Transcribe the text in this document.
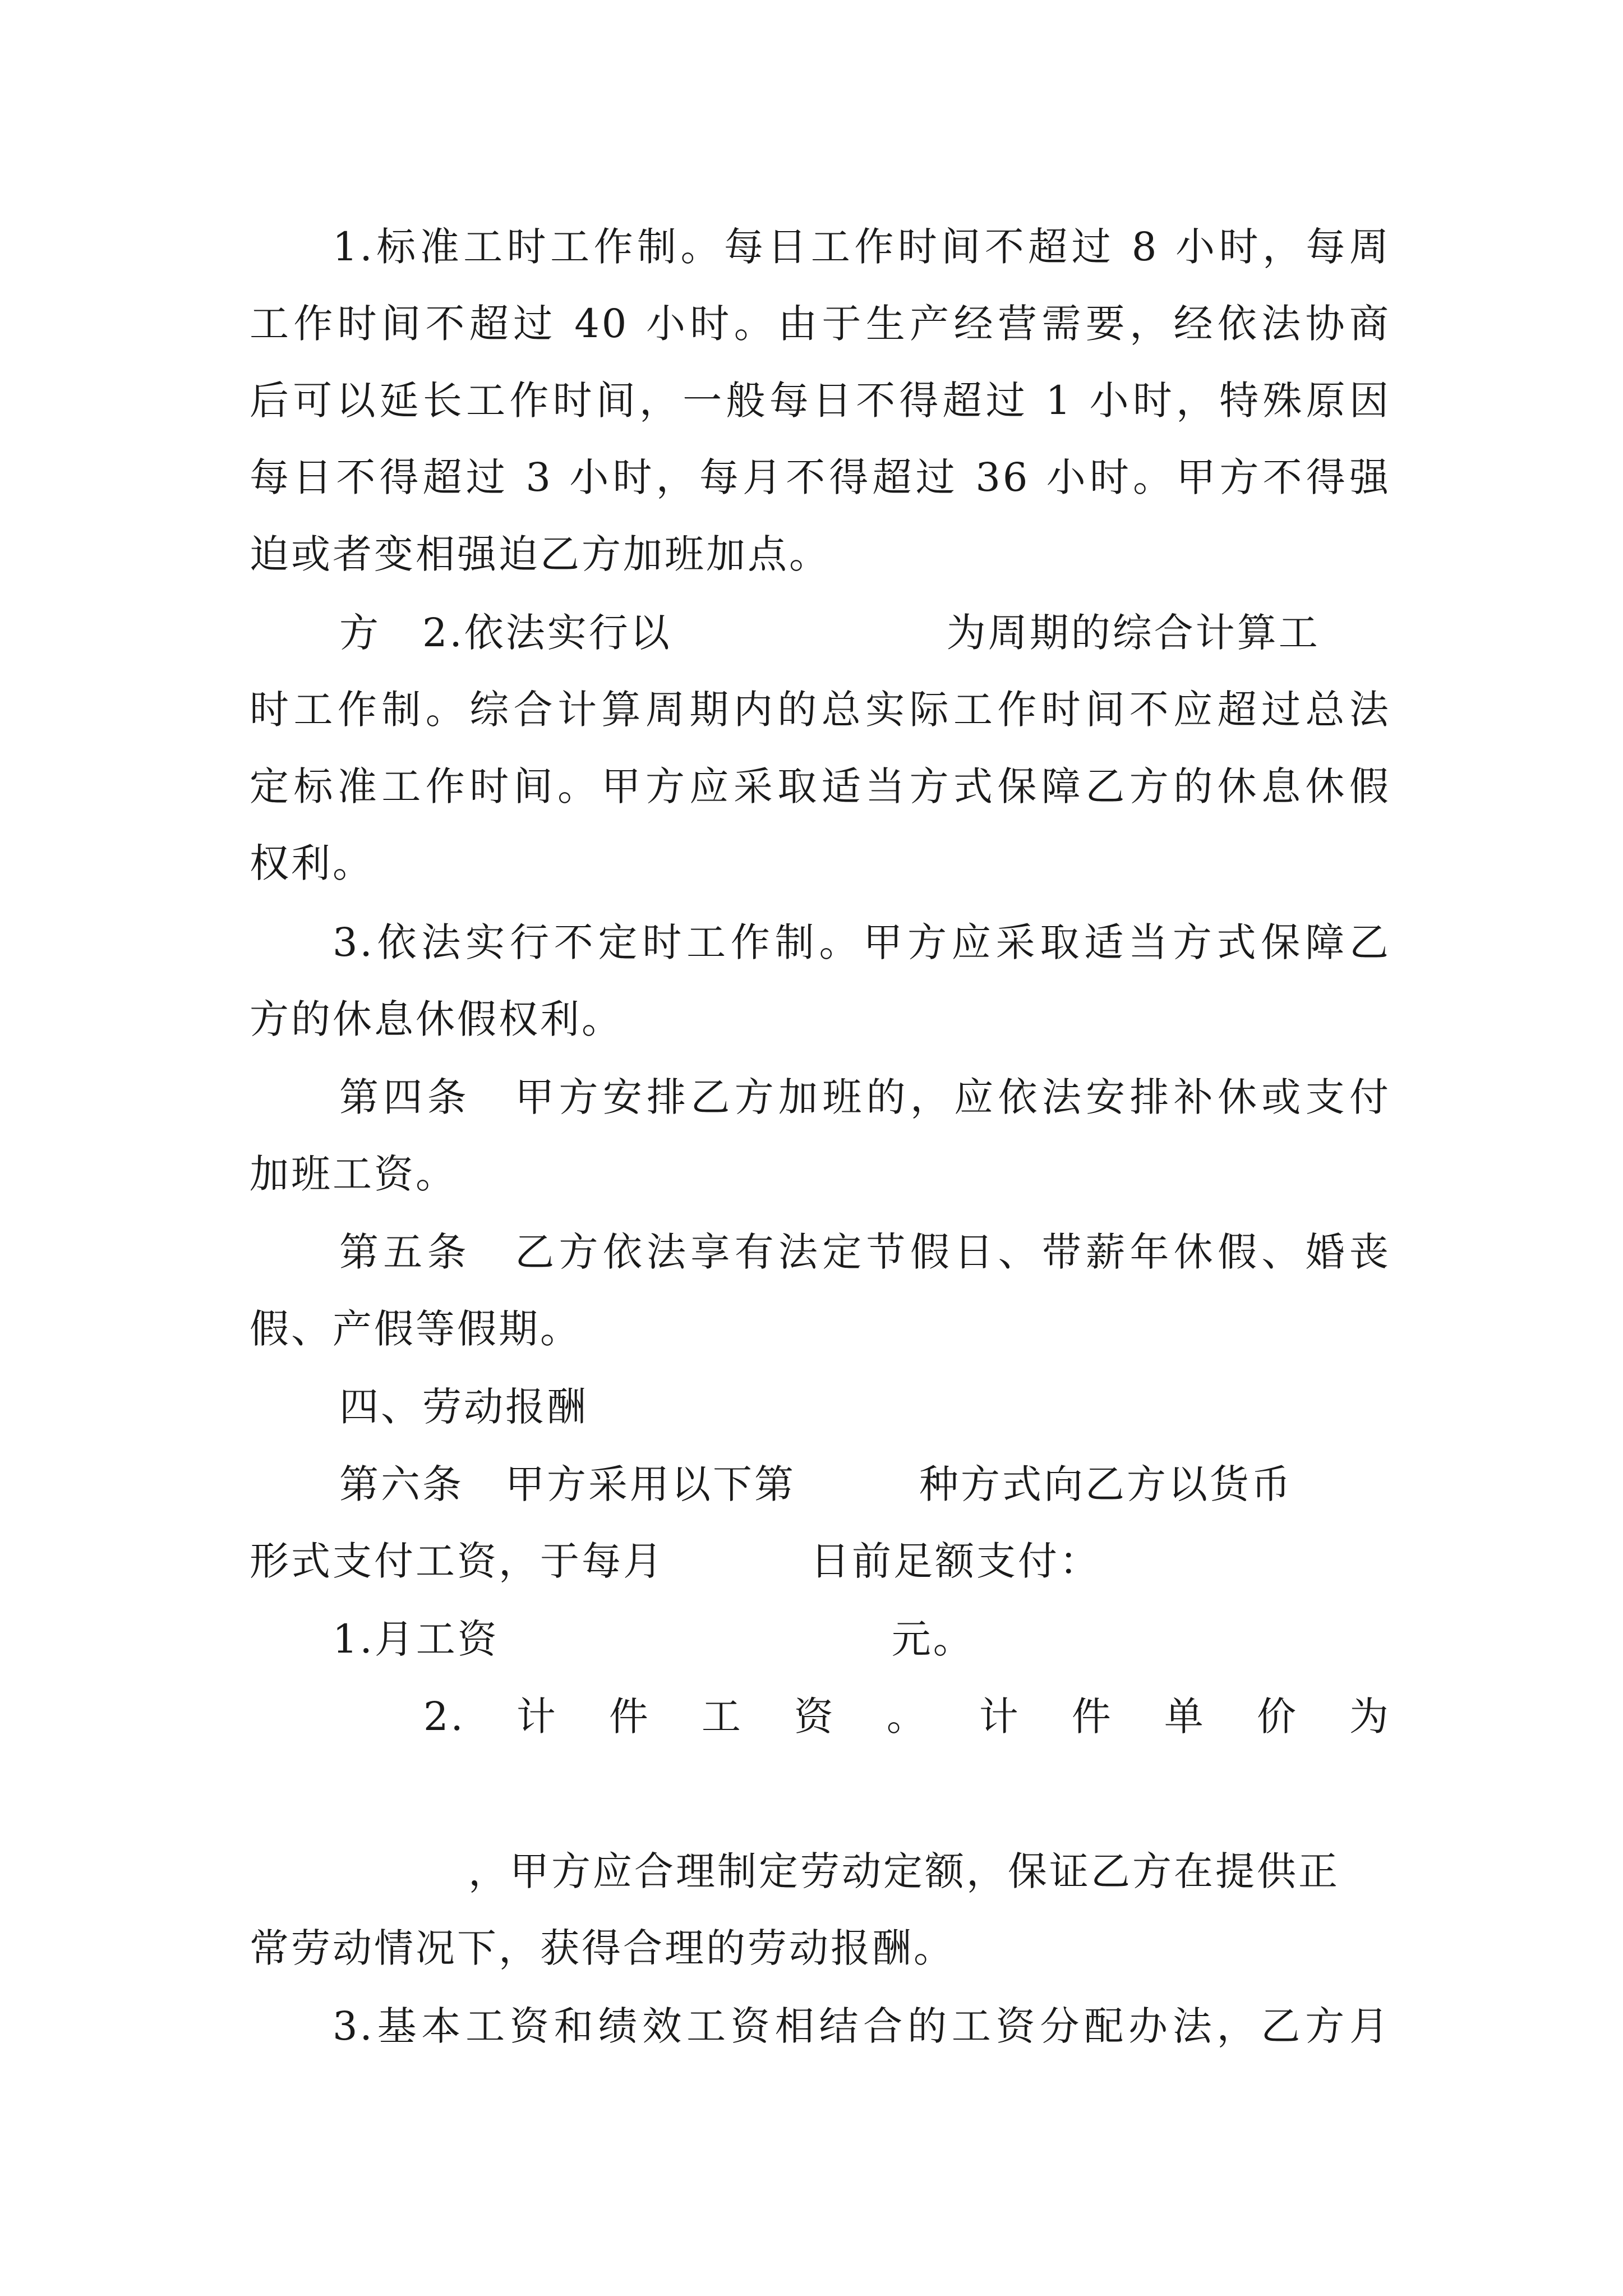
1.标准工时工作制。每日工作时间不超过 8 小时，每周
工作时间不超过 40 小时。由于生产经营需要，经依法协商
后可以延长工作时间，一般每日不得超过 1 小时，特殊原因
每日不得超过 3 小时，每月不得超过 36 小时。甲方不得强
迫或者变相强迫乙方加班加点。
方　2.依法实行以	为周期的综合计算工
时工作制。综合计算周期内的总实际工作时间不应超过总法
定标准工作时间。甲方应采取适当方式保障乙方的休息休假
权利。
3.依法实行不定时工作制。甲方应采取适当方式保障乙
方的休息休假权利。
第四条　甲方安排乙方加班的，应依法安排补休或支付
加班工资。
第五条　乙方依法享有法定节假日、带薪年休假、婚丧
假、产假等假期。
四、劳动报酬
第六条　甲方采用以下第	种方式向乙方以货币
形式支付工资，于每月	日前足额支付：
1.月工资	元。
2. 计 件 工 资 。 计 件 单 价 为
，甲方应合理制定劳动定额，保证乙方在提供正
常劳动情况下，获得合理的劳动报酬。
3.基本工资和绩效工资相结合的工资分配办法，乙方月
